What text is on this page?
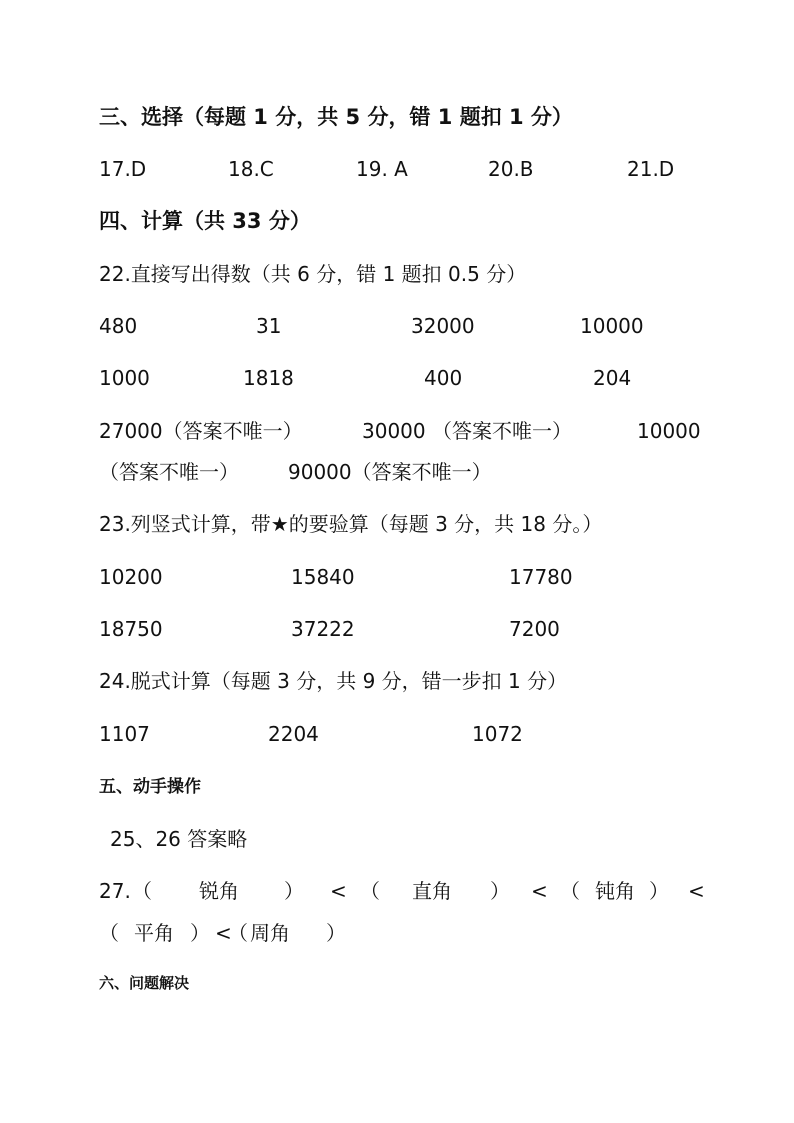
三、选择（每题 1 分，共 5 分，错 1 题扣 1 分）
17.D	18.C	19. A	20.B	21.D
四、计算（共 33 分）
22.直接写出得数（共 6 分，错 1 题扣 0.5 分）
480	31	32000	10000
1000	1818	400	204
27000（答案不唯一）	30000 （答案不唯一）	10000
（答案不唯一） 90000（答案不唯一）
23.列竖式计算，带★的要验算（每题 3 分，共 18 分。）
10200	15840	17780
18750	37222	7200
24.脱式计算（每题 3 分，共 9 分，错一步扣 1 分）
1107	2204	1072
五、动手操作
25、26 答案略
27. （ 锐角 ） < （ 直角 ） < （ 钝角 ） <
（ 平角 ） <
（ 周角 ）
六、问题解决
